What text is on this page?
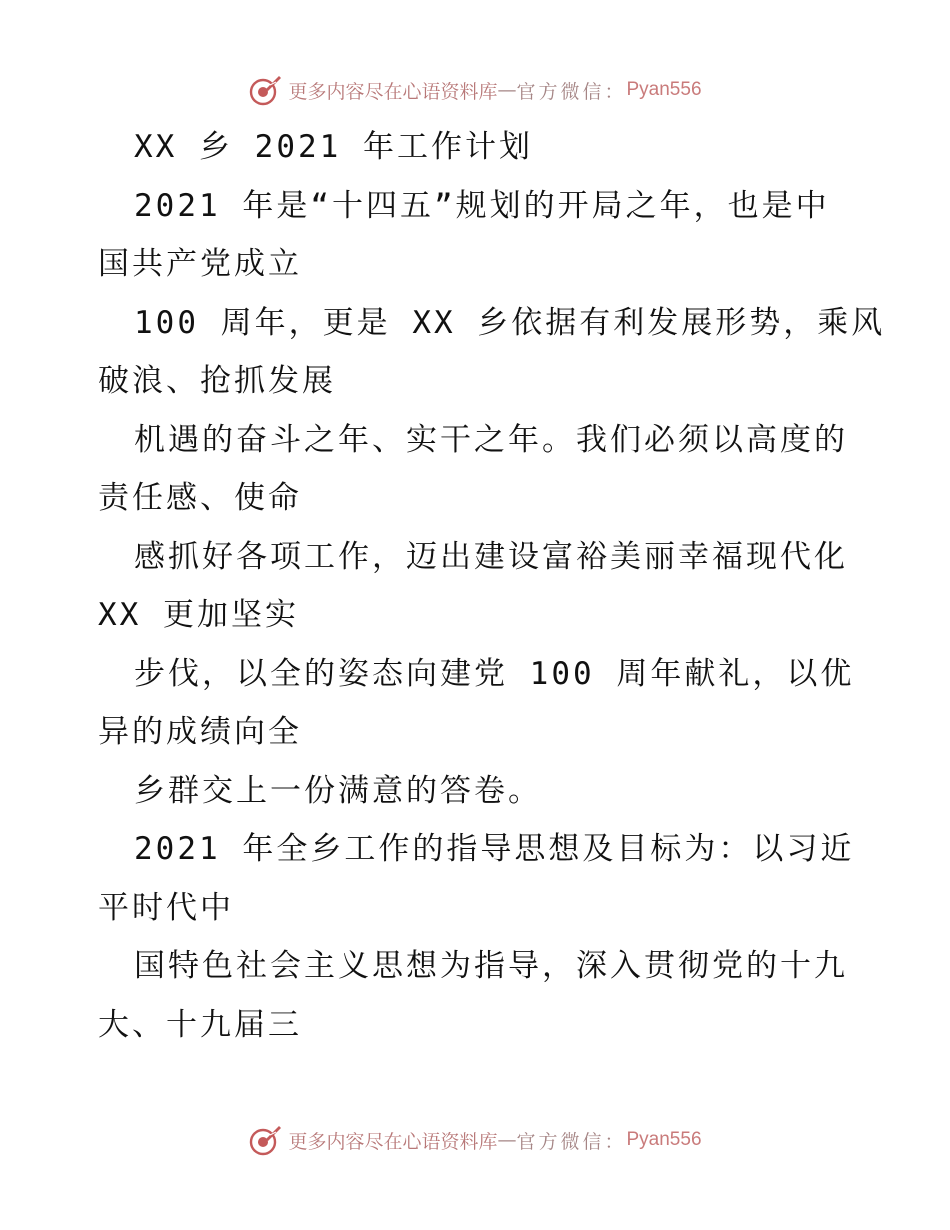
更多内容尽在心语资料库 — 官方微信： Pyan556
XX 乡 2021 年工作计划
2021 年是“十四五”规划的开局之年，也是中
国共产党成立
100 周年，更是 XX 乡依据有利发展形势，乘风
破浪、抢抓发展
机遇的奋斗之年、实干之年。我们必须以高度的
责任感、使命
感抓好各项工作，迈出建设富裕美丽幸福现代化
XX 更加坚实
步伐，以全的姿态向建党 100 周年献礼，以优
异的成绩向全
乡群交上一份满意的答卷。
2021 年全乡工作的指导思想及目标为：以习近
平时代中
国特色社会主义思想为指导，深入贯彻党的十九
大、十九届三
更多内容尽在心语资料库 — 官方微信： Pyan556
